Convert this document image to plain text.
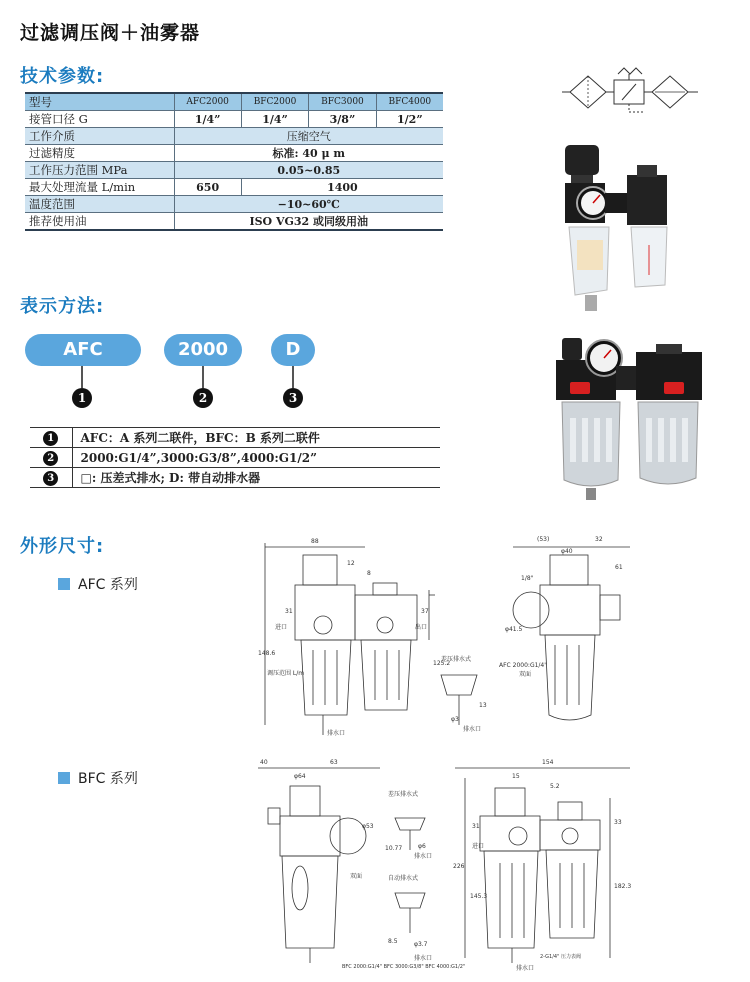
过滤调压阀＋油雾器
技术参数:
型号	AFC2000	BFC2000	BFC3000	BFC4000
接管口径 G	1/4”	1/4”	3/8”	1/2”
工作介质	压缩空气			
过滤精度	标准: 40 μ m			
工作压力范围 MPa	0.05~0.85			
最大处理流量 L/min	650	1400		
温度范围	−10~60℃			
推荐使用油	ISO VG32 或同级用油			
表示方法:
AFC	2000	D
1	2	3
1	AFC：A 系列二联件，BFC：B 系列二联件
2	2000:G1/4”,3000:G3/8”,4000:G1/2”
3	□: 压差式排水; D: 带自动排水器
外形尺寸:
AFC 系列
BFC 系列
88
12
8
31	37
148.6
125.2
(53)	32
φ40
61
1/8"
φ41.5
φ3
13
进口	出口
排水口
排水口
调压范围 L/m
差压排水式
AFC 2000:G1/4"
双面
40	63
φ64
φ53
10.77	φ6
8.5	φ3.7
154
15
5.2
31
33
226
145.3
182.3
差压排水式
自动排水式
排水口
排水口
排水口
进口
BFC 2000:G1/4" BFC 3000:G3/8" BFC 4000:G1/2"
双面
2-G1/4" 压力表阀
